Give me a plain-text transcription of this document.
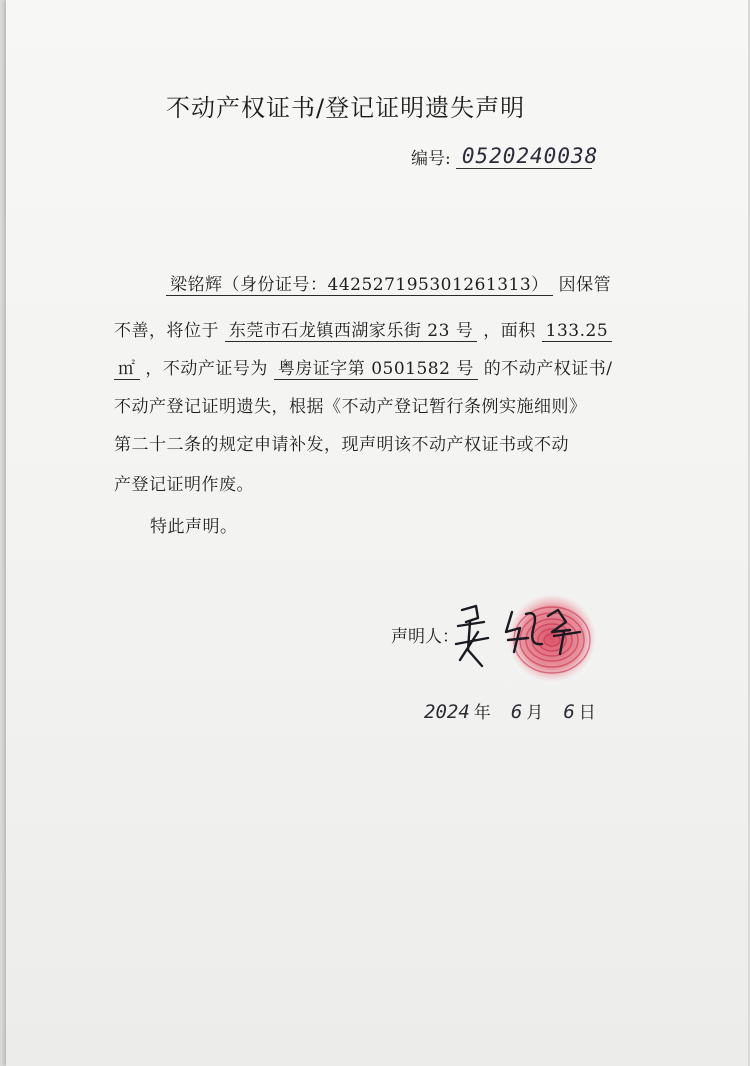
不动产权证书/登记证明遗失声明
编号: 0520240038
梁铭辉（身份证号：442527195301261313） 因保管
不善，将位于 东莞市石龙镇西湖家乐街 23 号 ，面积 133.25
㎡ ，不动产证号为 粤房证字第 0501582 号 的不动产权证书/
不动产登记证明遗失，根据《不动产登记暂行条例实施细则》
第二十二条的规定申请补发，现声明该不动产权证书或不动
产登记证明作废。
特此声明。
声明人：
2024 年 6 月 6 日
